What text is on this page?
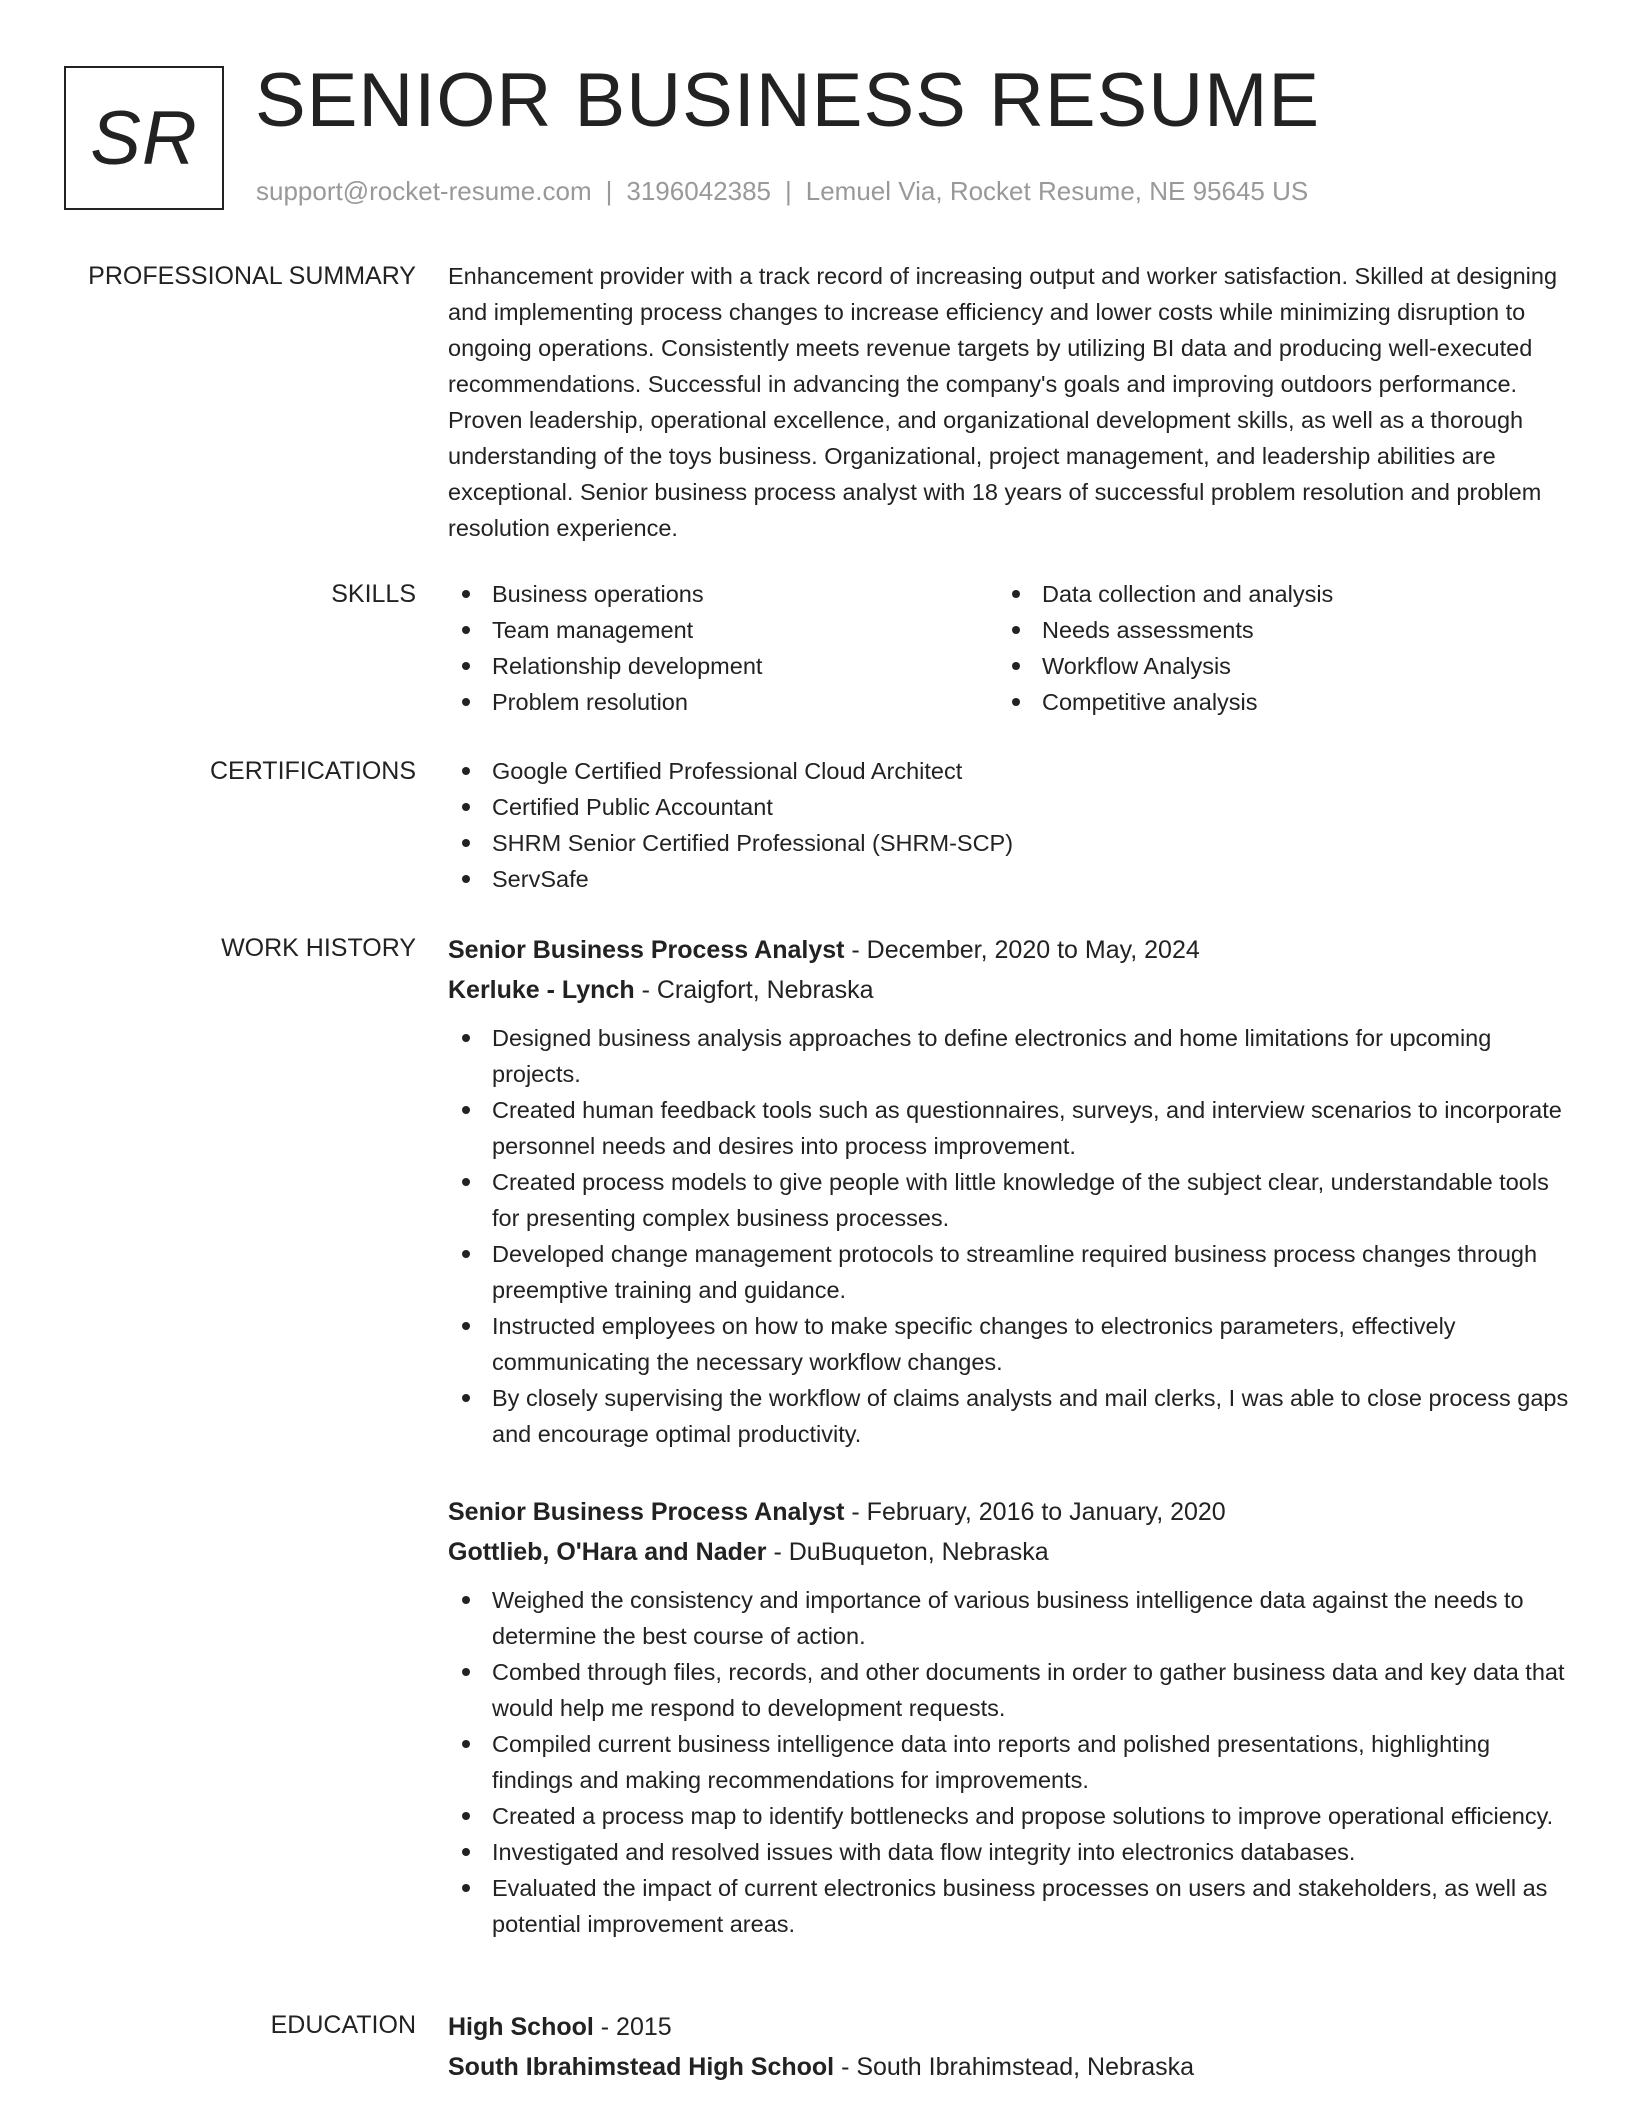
SR SENIOR BUSINESS RESUME
support@rocket-resume.com | 3196042385 | Lemuel Via, Rocket Resume, NE 95645 US
PROFESSIONAL SUMMARY Enhancement provider with a track record of increasing output and worker satisfaction. Skilled at designing and implementing process changes to increase efficiency and lower costs while minimizing disruption to ongoing operations. Consistently meets revenue targets by utilizing BI data and producing well-executed recommendations. Successful in advancing the company's goals and improving outdoors performance. Proven leadership, operational excellence, and organizational development skills, as well as a thorough understanding of the toys business. Organizational, project management, and leadership abilities are exceptional. Senior business process analyst with 18 years of successful problem resolution and problem resolution experience.
SKILLS	Business operations
Team management
Relationship development
Problem resolution
Data collection and analysis
Needs assessments
Workflow Analysis
Competitive analysis
CERTIFICATIONS	Google Certified Professional Cloud Architect
Certified Public Accountant
SHRM Senior Certified Professional (SHRM-SCP)
ServSafe
WORK HISTORY Senior Business Process Analyst - December, 2020 to May, 2024
Kerluke - Lynch - Craigfort, Nebraska
Designed business analysis approaches to define electronics and home limitations for upcoming projects.
Created human feedback tools such as questionnaires, surveys, and interview scenarios to incorporate personnel needs and desires into process improvement.
Created process models to give people with little knowledge of the subject clear, understandable tools for presenting complex business processes.
Developed change management protocols to streamline required business process changes through preemptive training and guidance.
Instructed employees on how to make specific changes to electronics parameters, effectively communicating the necessary workflow changes.
By closely supervising the workflow of claims analysts and mail clerks, I was able to close process gaps and encourage optimal productivity.
Senior Business Process Analyst - February, 2016 to January, 2020
Gottlieb, O'Hara and Nader - DuBuqueton, Nebraska
Weighed the consistency and importance of various business intelligence data against the needs to determine the best course of action.
Combed through files, records, and other documents in order to gather business data and key data that would help me respond to development requests.
Compiled current business intelligence data into reports and polished presentations, highlighting findings and making recommendations for improvements.
Created a process map to identify bottlenecks and propose solutions to improve operational efficiency.
Investigated and resolved issues with data flow integrity into electronics databases.
Evaluated the impact of current electronics business processes on users and stakeholders, as well as potential improvement areas.
EDUCATION High School - 2015
South Ibrahimstead High School - South Ibrahimstead, Nebraska
